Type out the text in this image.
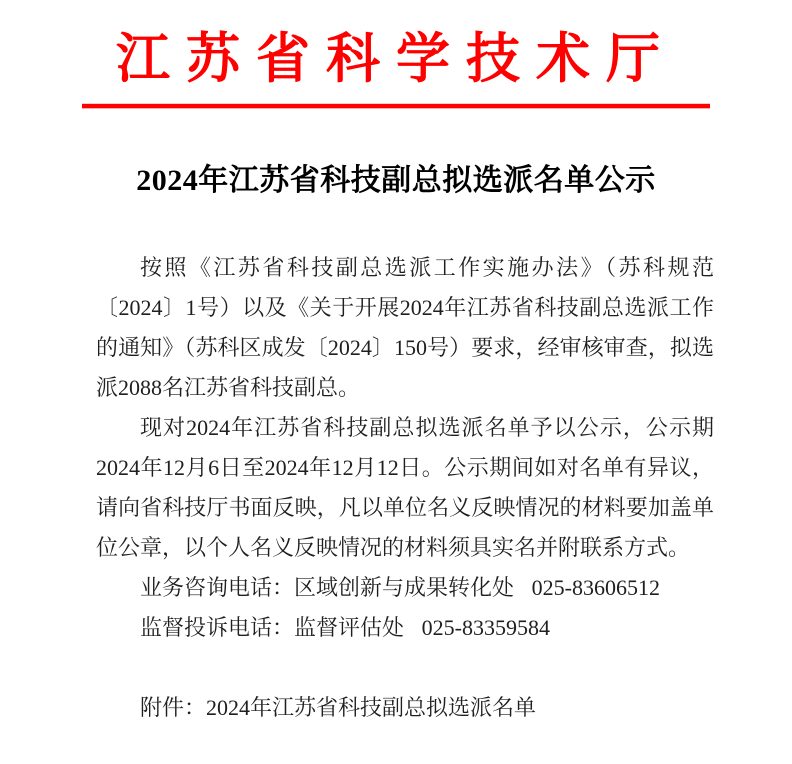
江苏省科学技术厅
2024年江苏省科技副总拟选派名单公示

按照《江苏省科技副总选派工作实施办法》（苏科规范〔2024〕1号）以及《关于开展2024年江苏省科技副总选派工作的通知》（苏科区成发〔2024〕150号）要求，经审核审查，拟选派2088名江苏省科技副总。

现对2024年江苏省科技副总拟选派名单予以公示，公示期2024年12月6日至2024年12月12日。公示期间如对名单有异议，请向省科技厅书面反映，凡以单位名义反映情况的材料要加盖单位公章，以个人名义反映情况的材料须具实名并附联系方式。

业务咨询电话：区域创新与成果转化处 025-83606512
监督投诉电话：监督评估处 025-83359584
附件：2024年江苏省科技副总拟选派名单
